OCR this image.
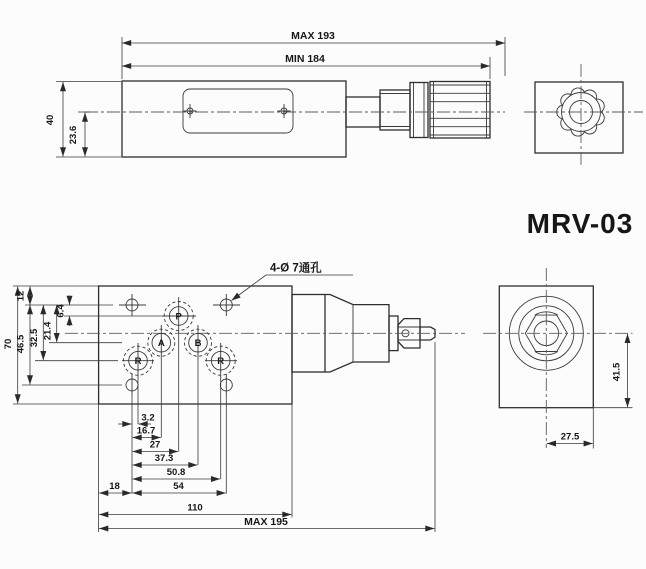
MAX 193
MIN 184
40
23.6
MRV-03
P
A	B
R	R
70
12
46.5 32.5 21.4
6.4
3.2
16.7
27
37.3
50.8
54
18
110
MAX 195
4-Ø 7通孔
41.5
27.5
